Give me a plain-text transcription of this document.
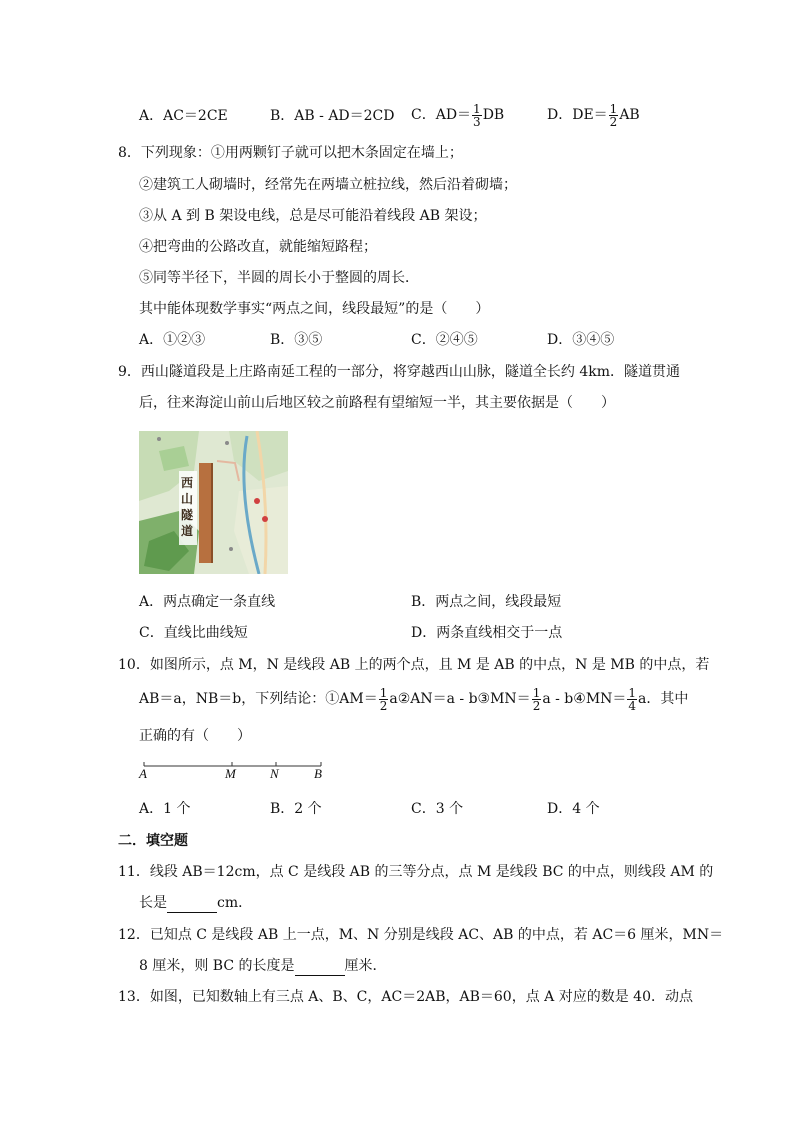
A．AC＝2CE	B．AB - AD＝2CD C．$AD= \frac{1}{3}$ DB	D．$DE= \frac{1}{2}$ AB
8．下列现象：①用两颗钉子就可以把木条固定在墙上；
②建筑工人砌墙时，经常先在两墙立桩拉线，然后沿着砌墙；
③从 A 到 B 架设电线，总是尽可能沿着线段 AB 架设；
④把弯曲的公路改直，就能缩短路程；
⑤同等半径下，半圆的周长小于整圆的周长．
其中能体现数学事实“两点之间，线段最短”的是（　　）
A．①②③	B．③⑤	C．②④⑤	D．③④⑤
9．西山隧道段是上庄路南延工程的一部分，将穿越西山山脉，隧道全长约 4km．隧道贯通
后，往来海淀山前山后地区较之前路程有望缩短一半，其主要依据是（　　）
西山隧道
A．两点确定一条直线	B．两点之间，线段最短
C．直线比曲线短	D．两条直线相交于一点
10．如图所示，点 M，N 是线段 AB 上的两个点，且 M 是 AB 的中点，N 是 MB 的中点，若
AB＝a，NB＝b，下列结论：①AM＝ $\frac{1}{2}$ a②AN＝a - b③MN＝ $\frac{1}{2}$ a - b④MN＝ $\frac{1}{4}$ a．其中
正确的有（　　）
A	M	N	B
A．1 个	B．2 个	C．3 个	D．4 个
二．填空题
11．线段 AB＝12cm，点 C 是线段 AB 的三等分点，点 M 是线段 BC 的中点，则线段 AM 的
长是	cm．
12．已知点 C 是线段 AB 上一点，M、N 分别是线段 AC、AB 的中点，若 AC＝6 厘米，MN＝
8 厘米，则 BC 的长度是	厘米．
13．如图，已知数轴上有三点 A、B、C，AC＝2AB，AB＝60，点 A 对应的数是 40．动点
